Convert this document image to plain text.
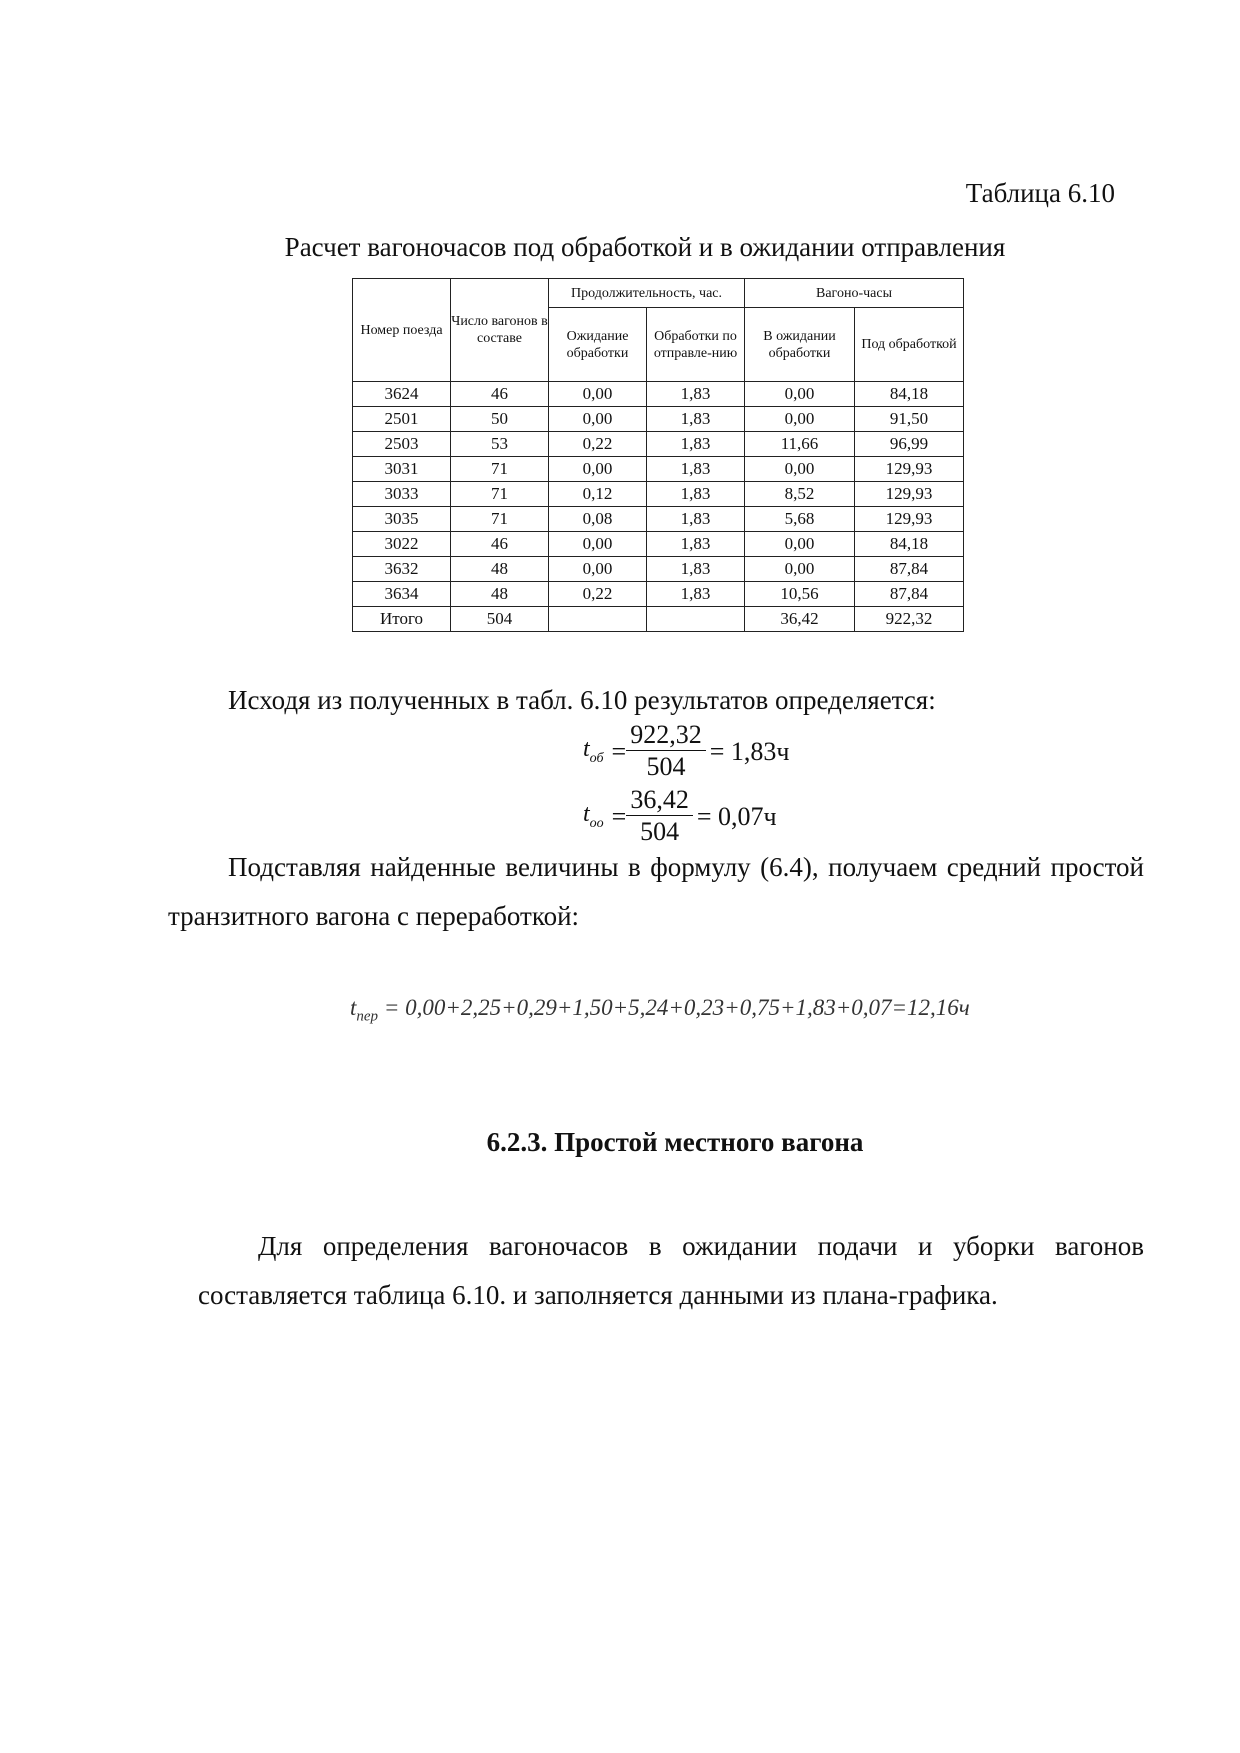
Таблица 6.10
Расчет вагоночасов под обработкой и в ожидании отправления
Номер поезда	Число вагонов в составе	Продолжительность, час.		Вагоно-часы	
		Ожидание обработки	Обработки по отправле-нию	В ожидании обработки	Под обработкой
3624	46	0,00	1,83	0,00	84,18
2501	50	0,00	1,83	0,00	91,50
2503	53	0,22	1,83	11,66	96,99
3031	71	0,00	1,83	0,00	129,93
3033	71	0,12	1,83	8,52	129,93
3035	71	0,08	1,83	5,68	129,93
3022	46	0,00	1,83	0,00	84,18
3632	48	0,00	1,83	0,00	87,84
3634	48	0,22	1,83	10,56	87,84
Итого	504			36,42	922,32
Исходя из полученных в табл. 6.10 результатов определяется:
$t_{об} = \frac{922,32}{504} = 1,83ч$
$t_{оо} = \frac{36,42}{504} = 0,07ч$

Подставляя найденные величины в формулу (6.4), получаем средний простой транзитного вагона с переработкой:

$t_{пер} = 0,00+2,25+0,29+1,50+5,24+0,23+0,75+1,83+0,07=12,16ч$
6.2.3. Простой местного вагона

Для определения вагоночасов в ожидании подачи и уборки вагонов составляется таблица 6.10. и заполняется данными из плана-графика.
